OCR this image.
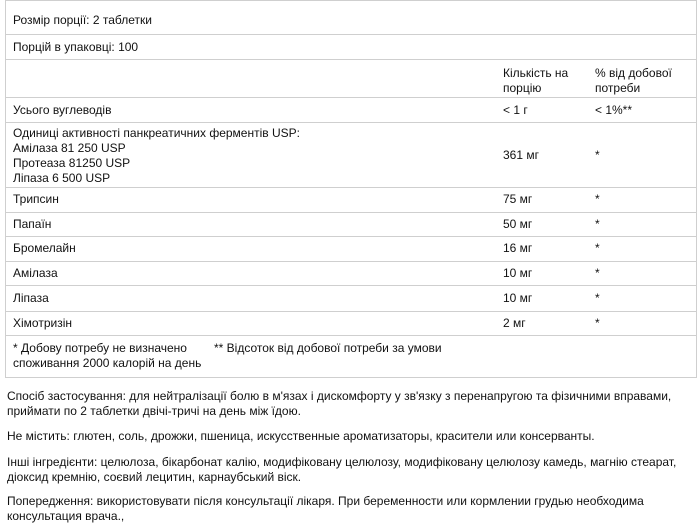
Розмір порції: 2 таблетки
Порцій в упаковці: 100
Кількість на
порцію
% від добової
потреби
Усього вуглеводів	< 1 г	< 1%**
Одиниці активності панкреатичних ферментів USP:
Амілаза 81 250 USP
Протеаза 81250 USP
Ліпаза 6 500 USP
361 мг	*
Трипсин	75 мг	*
Папаїн	50 мг	*
Бромелайн	16 мг	*
Амілаза	10 мг	*
Ліпаза	10 мг	*
Хімотризін	2 мг	*
* Добову потребу не визначено
споживання 2000 калорій на день
** Відсоток від добової потреби за умови
Спосіб застосування: для нейтралізації болю в м'язах і дискомфорту у зв'язку з перенапругою та фізичними вправами,
приймати по 2 таблетки двічі-тричі на день між їдою.
Не містить: глютен, соль, дрожжи, пшеница, искусственные ароматизаторы, красители или консерванты.
Інші інгредієнти: целюлоза, бікарбонат калію, модифіковану целюлозу, модифіковану целюлозу камедь, магнію стеарат,
діоксид кремнію, соєвий лецитин, карнаубський віск.
Попередження: використовувати після консультації лікаря. При беременности или кормлении грудью необходима
консультация врача.,
